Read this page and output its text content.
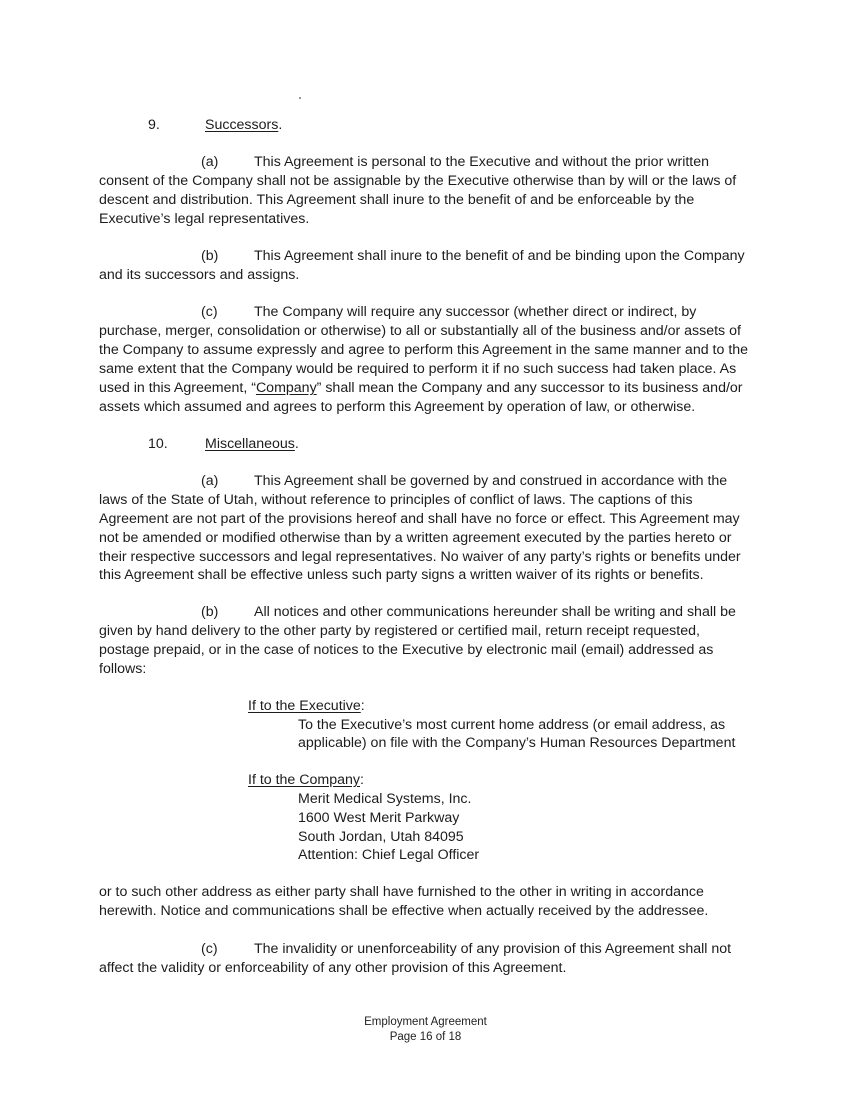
9.	Successors.
(a)	This Agreement is personal to the Executive and without the prior written
consent of the Company shall not be assignable by the Executive otherwise than by will or the laws of
descent and distribution. This Agreement shall inure to the benefit of and be enforceable by the
Executive’s legal representatives.
(b)	This Agreement shall inure to the benefit of and be binding upon the Company
and its successors and assigns.
(c)	The Company will require any successor (whether direct or indirect, by
purchase, merger, consolidation or otherwise) to all or substantially all of the business and/or assets of
the Company to assume expressly and agree to perform this Agreement in the same manner and to the
same extent that the Company would be required to perform it if no such success had taken place. As
used in this Agreement, “Company” shall mean the Company and any successor to its business and/or
assets which assumed and agrees to perform this Agreement by operation of law, or otherwise.
10.	Miscellaneous.
(a)	This Agreement shall be governed by and construed in accordance with the
laws of the State of Utah, without reference to principles of conflict of laws. The captions of this
Agreement are not part of the provisions hereof and shall have no force or effect. This Agreement may
not be amended or modified otherwise than by a written agreement executed by the parties hereto or
their respective successors and legal representatives. No waiver of any party’s rights or benefits under
this Agreement shall be effective unless such party signs a written waiver of its rights or benefits.
(b)	All notices and other communications hereunder shall be writing and shall be
given by hand delivery to the other party by registered or certified mail, return receipt requested,
postage prepaid, or in the case of notices to the Executive by electronic mail (email) addressed as
follows:
If to the Executive:
To the Executive’s most current home address (or email address, as
applicable) on file with the Company’s Human Resources Department
If to the Company:
Merit Medical Systems, Inc.
1600 West Merit Parkway
South Jordan, Utah 84095
Attention: Chief Legal Officer
or to such other address as either party shall have furnished to the other in writing in accordance
herewith. Notice and communications shall be effective when actually received by the addressee.
(c)	The invalidity or unenforceability of any provision of this Agreement shall not
affect the validity or enforceability of any other provision of this Agreement.
Employment Agreement
Page 16 of 18
